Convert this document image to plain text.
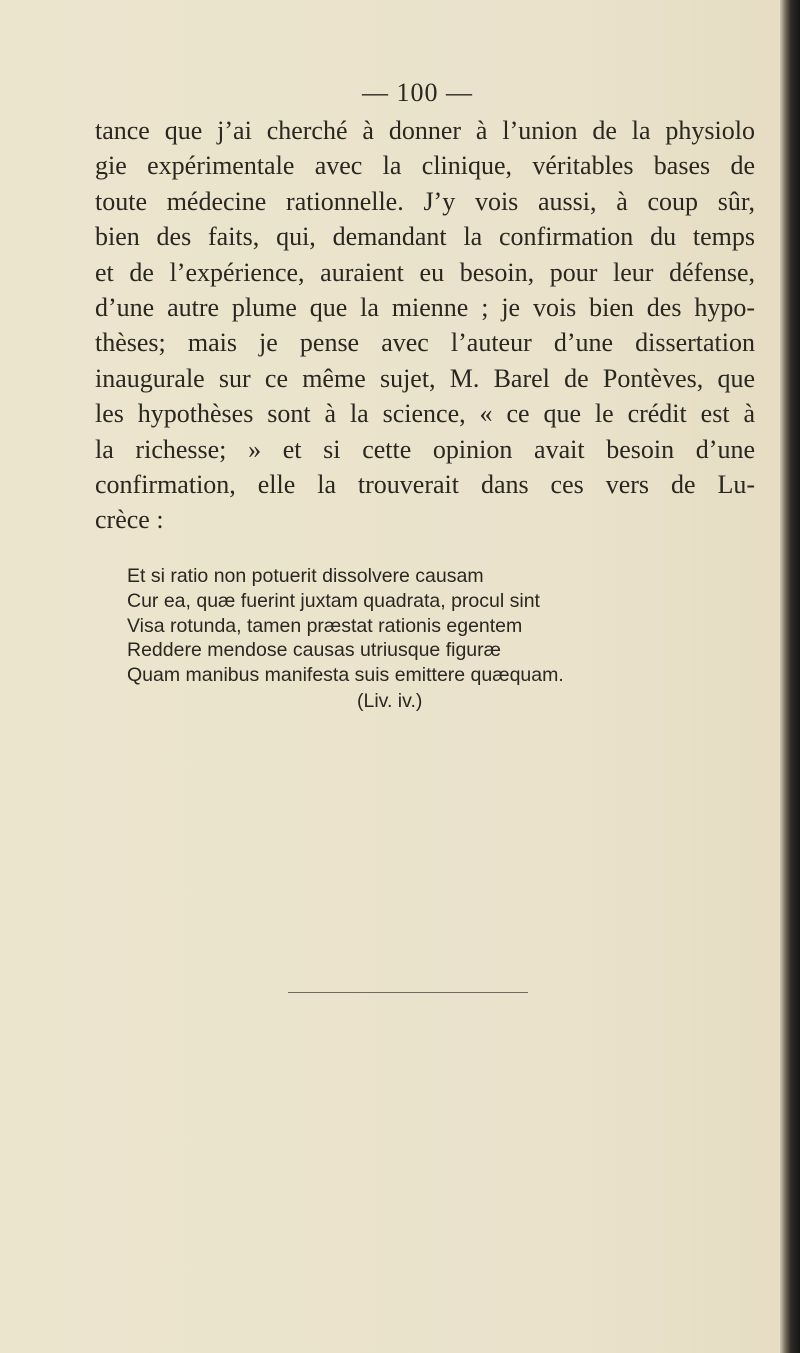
— 100 —
tance que j’ai cherché à donner à l’union de la physiolo
gie expérimentale avec la clinique, véritables bases de
toute médecine rationnelle. J’y vois aussi, à coup sûr,
bien des faits, qui, demandant la confirmation du temps
et de l’expérience, auraient eu besoin, pour leur défense,
d’une autre plume que la mienne ; je vois bien des hypo-
thèses; mais je pense avec l’auteur d’une dissertation
inaugurale sur ce même sujet, M. Barel de Pontèves, que
les hypothèses sont à la science, « ce que le crédit est à
la richesse; » et si cette opinion avait besoin d’une
confirmation, elle la trouverait dans ces vers de Lu-
crèce :
Et si ratio non potuerit dissolvere causam
Cur ea, quæ fuerint juxtam quadrata, procul sint
Visa rotunda, tamen præstat rationis egentem
Reddere mendose causas utriusque figuræ
Quam manibus manifesta suis emittere quæquam.
(Liv. iv.)
